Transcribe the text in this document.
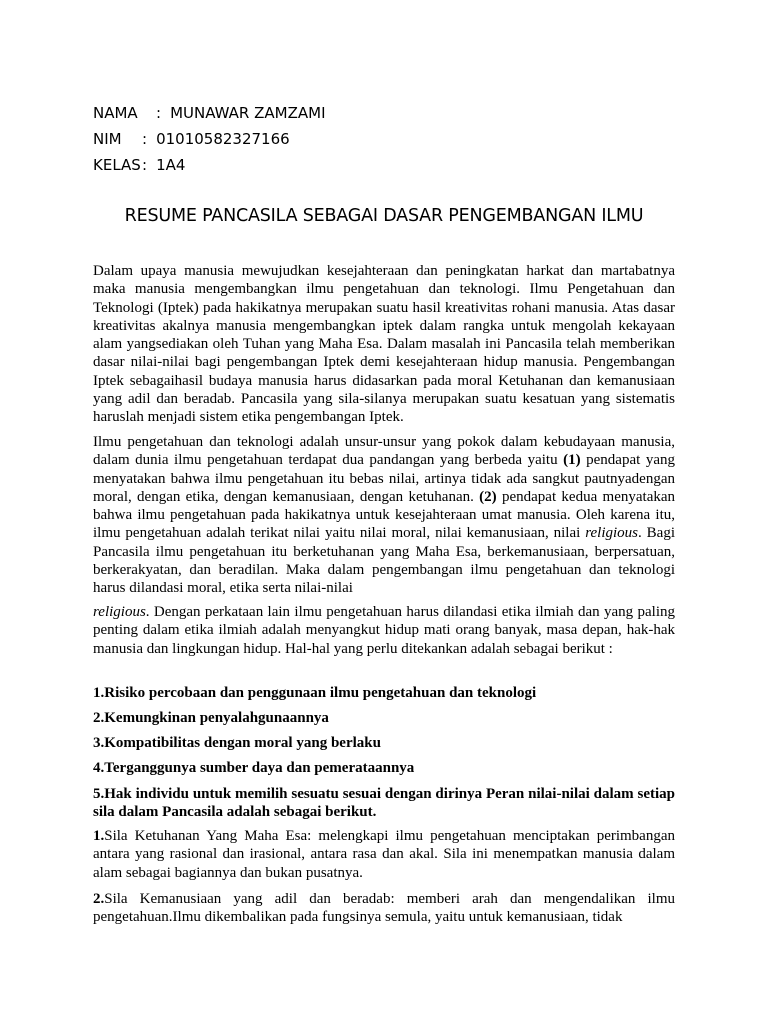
NAMA : MUNAWAR ZAMZAMI
NIM : 01010582327166
KELAS: 1A4
RESUME PANCASILA SEBAGAI DASAR PENGEMBANGAN ILMU

Dalam upaya manusia mewujudkan kesejahteraan dan peningkatan harkat dan martabatnya maka manusia mengembangkan ilmu pengetahuan dan teknologi. Ilmu Pengetahuan dan Teknologi (Iptek) pada hakikatnya merupakan suatu hasil kreativitas rohani manusia. Atas dasar kreativitas akalnya manusia mengembangkan iptek dalam rangka untuk mengolah kekayaan alam yangsediakan oleh Tuhan yang Maha Esa. Dalam masalah ini Pancasila telah memberikan dasar nilai-nilai bagi pengembangan Iptek demi kesejahteraan hidup manusia. Pengembangan Iptek sebagaihasil budaya manusia harus didasarkan pada moral Ketuhanan dan kemanusiaan yang adil dan beradab. Pancasila yang sila-silanya merupakan suatu kesatuan yang sistematis haruslah menjadi sistem etika pengembangan Iptek.

Ilmu pengetahuan dan teknologi adalah unsur-unsur yang pokok dalam kebudayaan manusia, dalam dunia ilmu pengetahuan terdapat dua pandangan yang berbeda yaitu (1) pendapat yang menyatakan bahwa ilmu pengetahuan itu bebas nilai, artinya tidak ada sangkut pautnyadengan moral, dengan etika, dengan kemanusiaan, dengan ketuhanan. (2) pendapat kedua menyatakan bahwa ilmu pengetahuan pada hakikatnya untuk kesejahteraan umat manusia. Oleh karena itu, ilmu pengetahuan adalah terikat nilai yaitu nilai moral, nilai kemanusiaan, nilai religious. Bagi Pancasila ilmu pengetahuan itu berketuhanan yang Maha Esa, berkemanusiaan, berpersatuan, berkerakyatan, dan beradilan. Maka dalam pengembangan ilmu pengetahuan dan teknologi harus dilandasi moral, etika serta nilai-nilai

religious. Dengan perkataan lain ilmu pengetahuan harus dilandasi etika ilmiah dan yang paling penting dalam etika ilmiah adalah menyangkut hidup mati orang banyak, masa depan, hak-hak manusia dan lingkungan hidup. Hal-hal yang perlu ditekankan adalah sebagai berikut :

1.Risiko percobaan dan penggunaan ilmu pengetahuan dan teknologi

2.Kemungkinan penyalahgunaannya

3.Kompatibilitas dengan moral yang berlaku

4.Terganggunya sumber daya dan pemerataannya

5.Hak individu untuk memilih sesuatu sesuai dengan dirinya Peran nilai-nilai dalam setiap sila dalam Pancasila adalah sebagai berikut.

1.Sila Ketuhanan Yang Maha Esa: melengkapi ilmu pengetahuan menciptakan perimbangan antara yang rasional dan irasional, antara rasa dan akal. Sila ini menempatkan manusia dalam alam sebagai bagiannya dan bukan pusatnya.

2.Sila Kemanusiaan yang adil dan beradab: memberi arah dan mengendalikan ilmu pengetahuan.Ilmu dikembalikan pada fungsinya semula, yaitu untuk kemanusiaan, tidak
